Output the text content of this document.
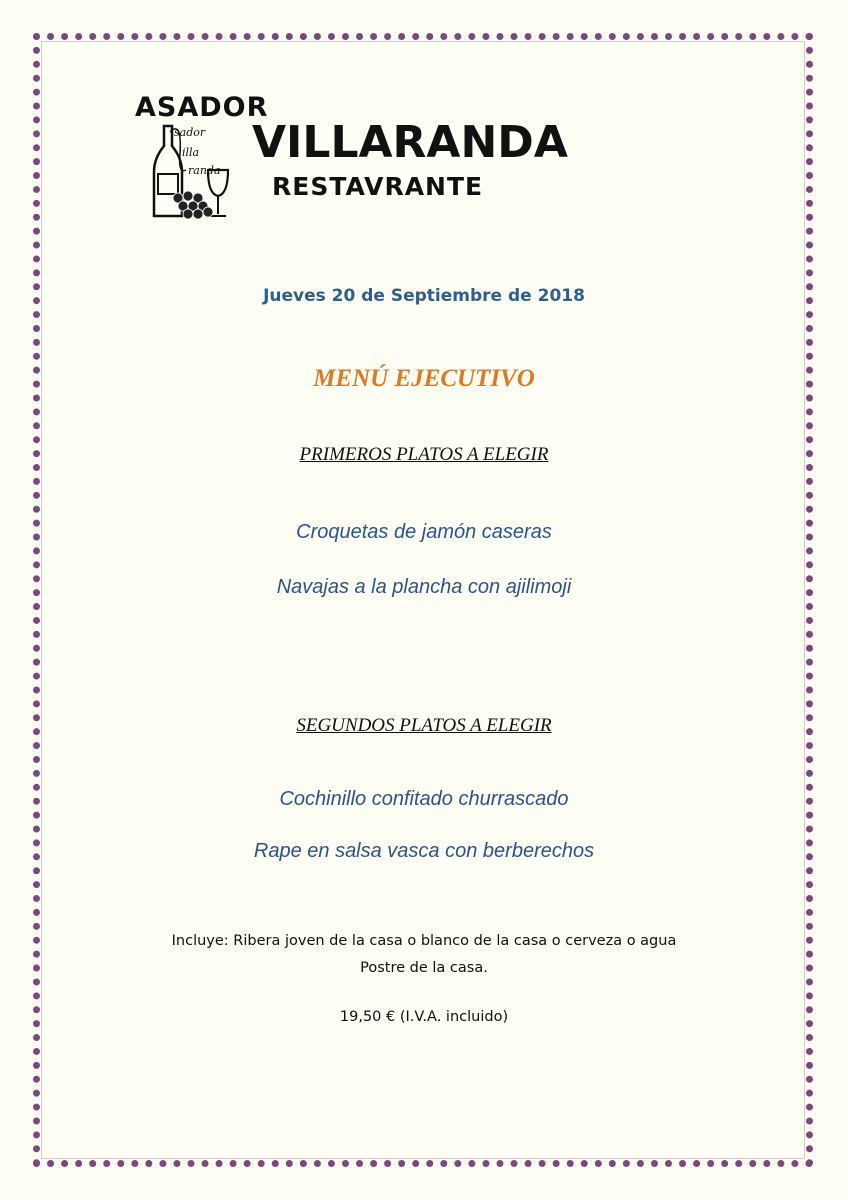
ASADOR
sador
illa
randa
VILLARANDA
RESTAVRANTE
Jueves 20 de Septiembre de 2018
MENÚ EJECUTIVO
PRIMEROS PLATOS A ELEGIR
Croquetas de jamón caseras
Navajas a la plancha con ajilimoji
SEGUNDOS PLATOS A ELEGIR
Cochinillo confitado churrascado
Rape en salsa vasca con berberechos
Incluye: Ribera joven de la casa o blanco de la casa o cerveza o agua
Postre de la casa.
19,50 € (I.V.A. incluido)
